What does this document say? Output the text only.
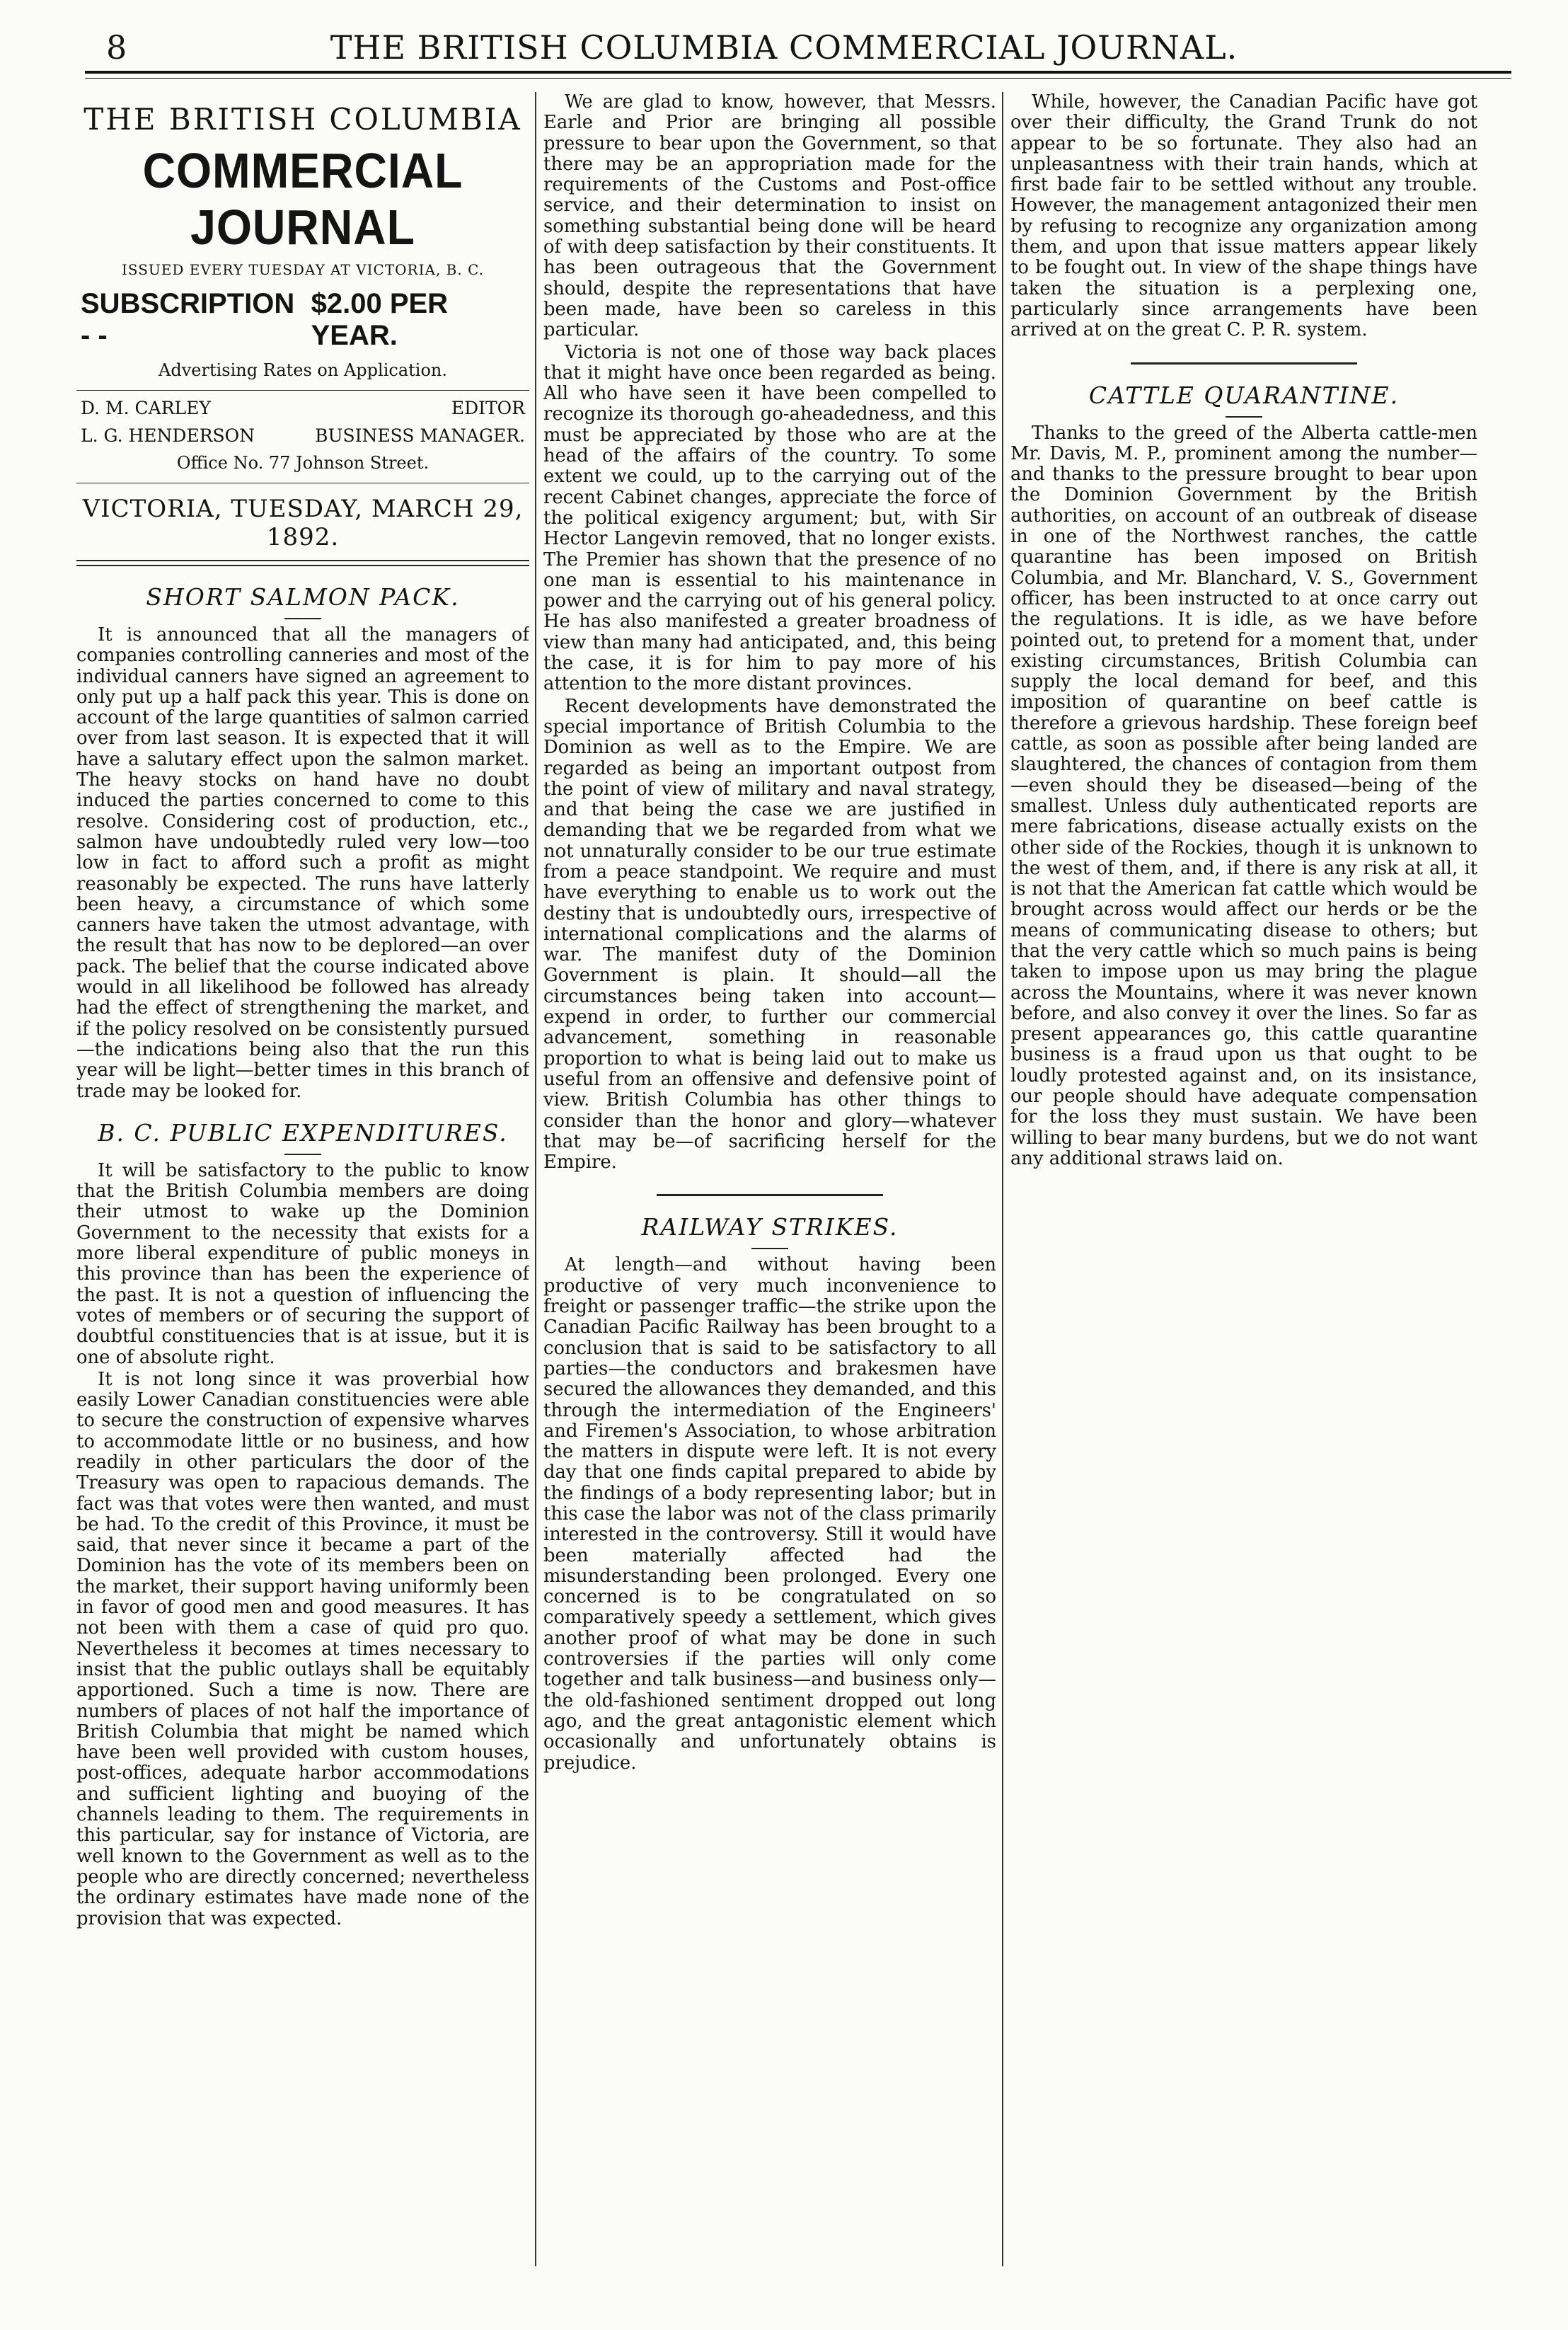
8	THE BRITISH COLUMBIA COMMERCIAL JOURNAL.
THE BRITISH COLUMBIA
COMMERCIAL JOURNAL
ISSUED EVERY TUESDAY AT VICTORIA, B. C.
SUBSCRIPTION - -
$2.00 PER YEAR.
Advertising Rates on Application.
D. M. CARLEY	EDITOR
L. G. HENDERSON	BUSINESS MANAGER.
Office No. 77 Johnson Street.
VICTORIA, TUESDAY, MARCH 29, 1892.
SHORT SALMON PACK.

It is announced that all the managers of companies controlling canneries and most of the individual canners have signed an agreement to only put up a half pack this year. This is done on account of the large quantities of salmon carried over from last season. It is expected that it will have a salutary effect upon the salmon market. The heavy stocks on hand have no doubt induced the parties concerned to come to this resolve. Considering cost of production, etc., salmon have undoubtedly ruled very low—too low in fact to afford such a profit as might reasonably be expected. The runs have latterly been heavy, a circumstance of which some canners have taken the utmost advantage, with the result that has now to be deplored—an over pack. The belief that the course indicated above would in all likelihood be followed has already had the effect of strengthening the market, and if the policy resolved on be consistently pursued—the indications being also that the run this year will be light—better times in this branch of trade may be looked for.

B. C. PUBLIC EXPENDITURES.

It will be satisfactory to the public to know that the British Columbia members are doing their utmost to wake up the Dominion Government to the necessity that exists for a more liberal expenditure of public moneys in this province than has been the experience of the past. It is not a question of influencing the votes of members or of securing the support of doubtful constituencies that is at issue, but it is one of absolute right.

It is not long since it was proverbial how easily Lower Canadian constituencies were able to secure the construction of expensive wharves to accommodate little or no business, and how readily in other particulars the door of the Treasury was open to rapacious demands. The fact was that votes were then wanted, and must be had. To the credit of this Province, it must be said, that never since it became a part of the Dominion has the vote of its members been on the market, their support having uniformly been in favor of good men and good measures. It has not been with them a case of quid pro quo. Nevertheless it becomes at times necessary to insist that the public outlays shall be equitably apportioned. Such a time is now. There are numbers of places of not half the importance of British Columbia that might be named which have been well provided with custom houses, post-offices, adequate harbor accommodations and sufficient lighting and buoying of the channels leading to them. The requirements in this particular, say for instance of Victoria, are well known to the Government as well as to the people who are directly concerned; nevertheless the ordinary estimates have made none of the provision that was expected.

We are glad to know, however, that Messrs. Earle and Prior are bringing all possible pressure to bear upon the Government, so that there may be an appropriation made for the requirements of the Customs and Post-office service, and their determination to insist on something substantial being done will be heard of with deep satisfaction by their constituents. It has been outrageous that the Government should, despite the representations that have been made, have been so careless in this particular.

Victoria is not one of those way back places that it might have once been regarded as being. All who have seen it have been compelled to recognize its thorough go-aheadedness, and this must be appreciated by those who are at the head of the affairs of the country. To some extent we could, up to the carrying out of the recent Cabinet changes, appreciate the force of the political exigency argument; but, with Sir Hector Langevin removed, that no longer exists. The Premier has shown that the presence of no one man is essential to his maintenance in power and the carrying out of his general policy. He has also manifested a greater broadness of view than many had anticipated, and, this being the case, it is for him to pay more of his attention to the more distant provinces.

Recent developments have demonstrated the special importance of British Columbia to the Dominion as well as to the Empire. We are regarded as being an important outpost from the point of view of military and naval strategy, and that being the case we are justified in demanding that we be regarded from what we not unnaturally consider to be our true estimate from a peace standpoint. We require and must have everything to enable us to work out the destiny that is undoubtedly ours, irrespective of international complications and the alarms of war. The manifest duty of the Dominion Government is plain. It should—all the circumstances being taken into account—expend in order, to further our commercial advancement, something in reasonable proportion to what is being laid out to make us useful from an offensive and defensive point of view. British Columbia has other things to consider than the honor and glory—whatever that may be—of sacrificing herself for the Empire.

RAILWAY STRIKES.

At length—and without having been productive of very much inconvenience to freight or passenger traffic—the strike upon the Canadian Pacific Railway has been brought to a conclusion that is said to be satisfactory to all parties—the conductors and brakesmen have secured the allowances they demanded, and this through the intermediation of the Engineers' and Firemen's Association, to whose arbitration the matters in dispute were left. It is not every day that one finds capital prepared to abide by the findings of a body representing labor; but in this case the labor was not of the class primarily interested in the controversy. Still it would have been materially affected had the misunderstanding been prolonged. Every one concerned is to be congratulated on so comparatively speedy a settlement, which gives another proof of what may be done in such controversies if the parties will only come together and talk business—and business only—the old-fashioned sentiment dropped out long ago, and the great antagonistic element which occasionally and unfortunately obtains is prejudice.

While, however, the Canadian Pacific have got over their difficulty, the Grand Trunk do not appear to be so fortunate. They also had an unpleasantness with their train hands, which at first bade fair to be settled without any trouble. However, the management antagonized their men by refusing to recognize any organization among them, and upon that issue matters appear likely to be fought out. In view of the shape things have taken the situation is a perplexing one, particularly since arrangements have been arrived at on the great C. P. R. system.

CATTLE QUARANTINE.

Thanks to the greed of the Alberta cattle-men Mr. Davis, M. P., prominent among the number—and thanks to the pressure brought to bear upon the Dominion Government by the British authorities, on account of an outbreak of disease in one of the Northwest ranches, the cattle quarantine has been imposed on British Columbia, and Mr. Blanchard, V. S., Government officer, has been instructed to at once carry out the regulations. It is idle, as we have before pointed out, to pretend for a moment that, under existing circumstances, British Columbia can supply the local demand for beef, and this imposition of quarantine on beef cattle is therefore a grievous hardship. These foreign beef cattle, as soon as possible after being landed are slaughtered, the chances of contagion from them—even should they be diseased—being of the smallest. Unless duly authenticated reports are mere fabrications, disease actually exists on the other side of the Rockies, though it is unknown to the west of them, and, if there is any risk at all, it is not that the American fat cattle which would be brought across would affect our herds or be the means of communicating disease to others; but that the very cattle which so much pains is being taken to impose upon us may bring the plague across the Mountains, where it was never known before, and also convey it over the lines. So far as present appearances go, this cattle quarantine business is a fraud upon us that ought to be loudly protested against and, on its insistance, our people should have adequate compensation for the loss they must sustain. We have been willing to bear many burdens, but we do not want any additional straws laid on.
